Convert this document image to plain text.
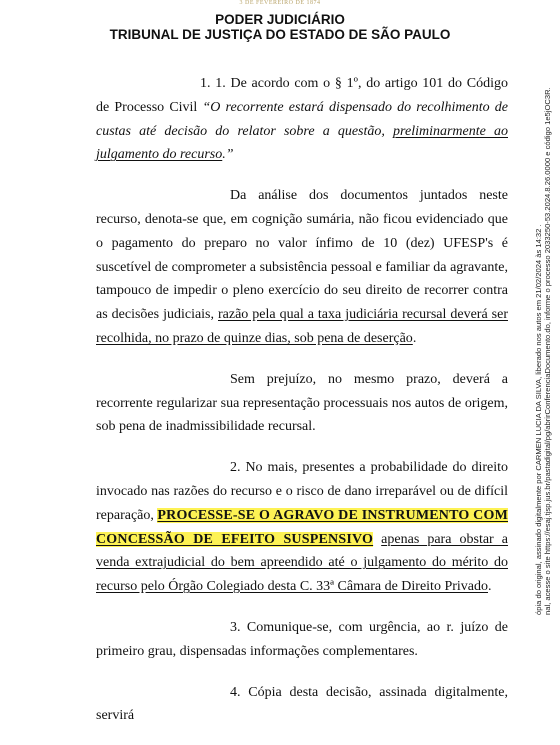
3 DE FEVEREIRO DE 1874
PODER JUDICIÁRIO
TRIBUNAL DE JUSTIÇA DO ESTADO DE SÃO PAULO

1. 1. De acordo com o § 1º, do artigo 101 do Código de Processo Civil “O recorrente estará dispensado do recolhimento de custas até decisão do relator sobre a questão, preliminarmente ao julgamento do recurso.”

Da análise dos documentos juntados neste recurso, denota-se que, em cognição sumária, não ficou evidenciado que o pagamento do preparo no valor ínfimo de 10 (dez) UFESP's é suscetível de comprometer a subsistência pessoal e familiar da agravante, tampouco de impedir o pleno exercício do seu direito de recorrer contra as decisões judiciais, razão pela qual a taxa judiciária recursal deverá ser recolhida, no prazo de quinze dias, sob pena de deserção.

Sem prejuízo, no mesmo prazo, deverá a recorrente regularizar sua representação processuais nos autos de origem, sob pena de inadmissibilidade recursal.

2. No mais, presentes a probabilidade do direito invocado nas razões do recurso e o risco de dano irreparável ou de difícil reparação, PROCESSE-SE O AGRAVO DE INSTRUMENTO COM CONCESSÃO DE EFEITO SUSPENSIVO apenas para obstar a venda extrajudicial do bem apreendido até o julgamento do mérito do recurso pelo Órgão Colegiado desta C. 33ª Câmara de Direito Privado.

3. Comunique-se, com urgência, ao r. juízo de primeiro grau, dispensadas informações complementares.

4. Cópia desta decisão, assinada digitalmente, servirá

ópia do original, assinado digitalmente por CARMEN LUCIA DA SILVA, liberado nos autos em 21/02/2024 às 14:32 . nal, acesse o site https://esaj.tjsp.jus.br/pastadigital/pg/abrirConferenciaDocumento.do, informe o processo 2033250-53.2024.8.26.0000 e código 1e5jOC3R.
